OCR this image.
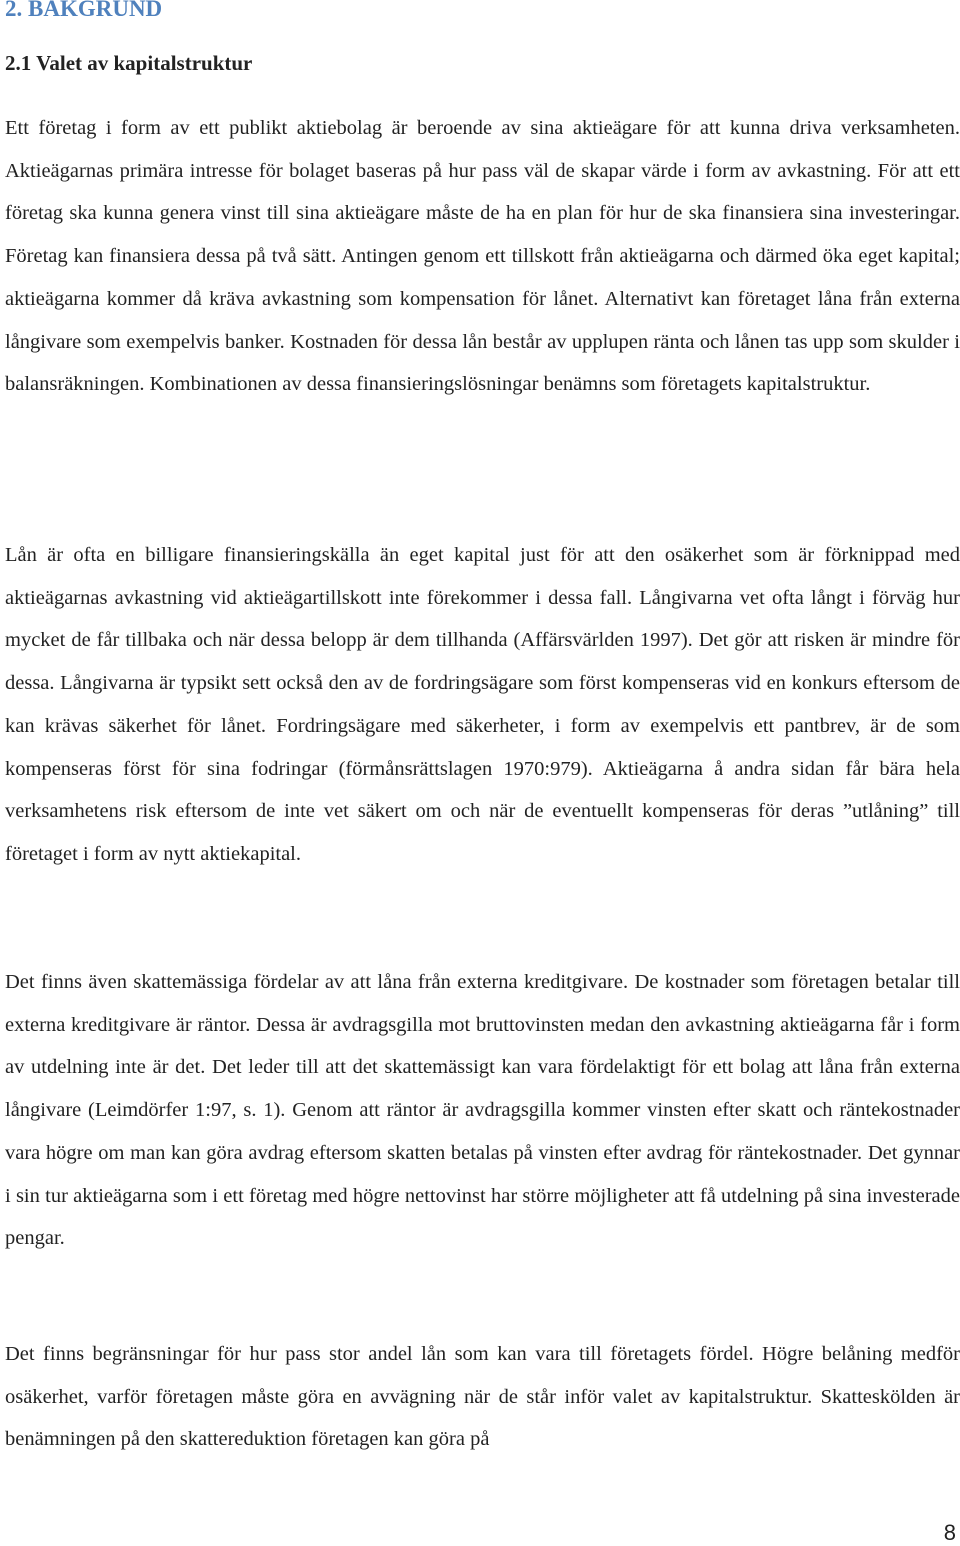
2. BAKGRUND
2.1 Valet av kapitalstruktur

Ett företag i form av ett publikt aktiebolag är beroende av sina aktieägare för att kunna driva verksamheten. Aktieägarnas primära intresse för bolaget baseras på hur pass väl de skapar värde i form av avkastning. För att ett företag ska kunna genera vinst till sina aktieägare måste de ha en plan för hur de ska finansiera sina investeringar. Företag kan finansiera dessa på två sätt. Antingen genom ett tillskott från aktieägarna och därmed öka eget kapital; aktieägarna kommer då kräva avkastning som kompensation för lånet. Alternativt kan företaget låna från externa långivare som exempelvis banker. Kostnaden för dessa lån består av upplupen ränta och lånen tas upp som skulder i balansräkningen. Kombinationen av dessa finansieringslösningar benämns som företagets kapitalstruktur.

Lån är ofta en billigare finansieringskälla än eget kapital just för att den osäkerhet som är förknippad med aktieägarnas avkastning vid aktieägartillskott inte förekommer i dessa fall. Långivarna vet ofta långt i förväg hur mycket de får tillbaka och när dessa belopp är dem tillhanda (Affärsvärlden 1997). Det gör att risken är mindre för dessa. Långivarna är typsikt sett också den av de fordringsägare som först kompenseras vid en konkurs eftersom de kan krävas säkerhet för lånet. Fordringsägare med säkerheter, i form av exempelvis ett pantbrev, är de som kompenseras först för sina fodringar (förmånsrättslagen 1970:979). Aktieägarna å andra sidan får bära hela verksamhetens risk eftersom de inte vet säkert om och när de eventuellt kompenseras för deras ”utlåning” till företaget i form av nytt aktiekapital.

Det finns även skattemässiga fördelar av att låna från externa kreditgivare. De kostnader som företagen betalar till externa kreditgivare är räntor. Dessa är avdragsgilla mot bruttovinsten medan den avkastning aktieägarna får i form av utdelning inte är det. Det leder till att det skattemässigt kan vara fördelaktigt för ett bolag att låna från externa långivare (Leimdörfer 1:97, s. 1). Genom att räntor är avdragsgilla kommer vinsten efter skatt och räntekostnader vara högre om man kan göra avdrag eftersom skatten betalas på vinsten efter avdrag för räntekostnader. Det gynnar i sin tur aktieägarna som i ett företag med högre nettovinst har större möjligheter att få utdelning på sina investerade pengar.

Det finns begränsningar för hur pass stor andel lån som kan vara till företagets fördel. Högre belåning medför osäkerhet, varför företagen måste göra en avvägning när de står inför valet av kapitalstruktur. Skatteskölden är benämningen på den skattereduktion företagen kan göra på

8
